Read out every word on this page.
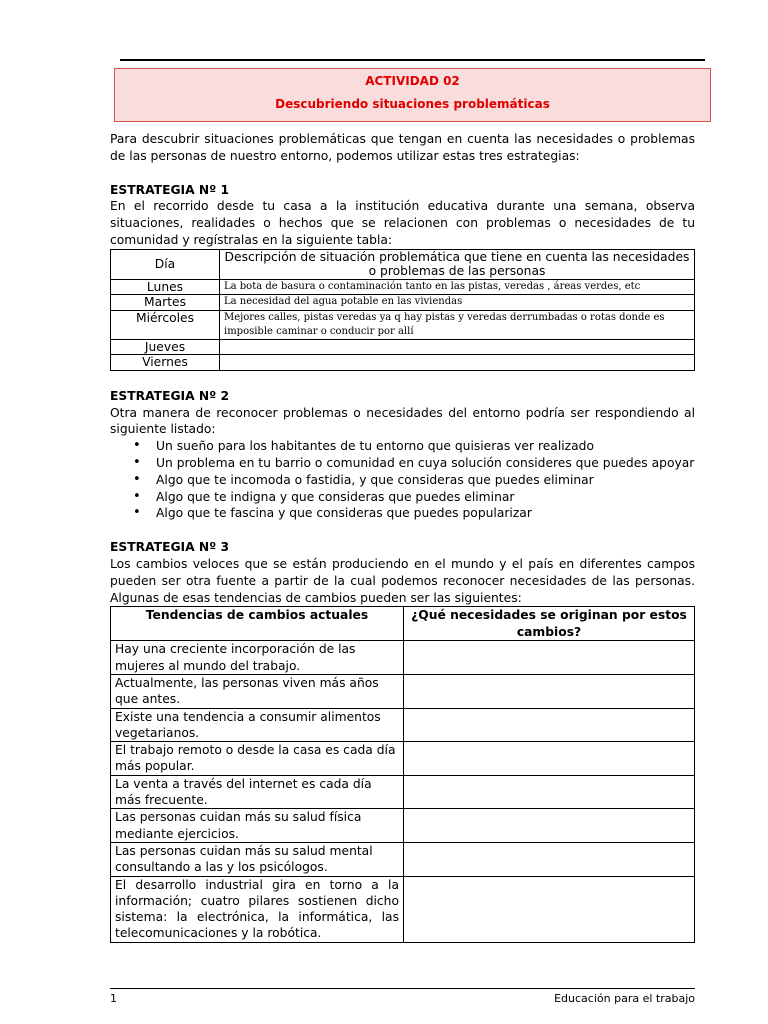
ACTIVIDAD 02
Descubriendo situaciones problemáticas

Para descubrir situaciones problemáticas que tengan en cuenta las necesidades o problemas de las personas de nuestro entorno, podemos utilizar estas tres estrategias:

ESTRATEGIA Nº 1

En el recorrido desde tu casa a la institución educativa durante una semana, observa situaciones, realidades o hechos que se relacionen con problemas o necesidades de tu comunidad y regístralas en la siguiente tabla:

Día	Descripción de situación problemática que tiene en cuenta las necesidades o problemas de las personas
Lunes	La bota de basura o contaminación tanto en las pistas, veredas , áreas verdes, etc
Martes	La necesidad del agua potable en las viviendas
Miércoles	Mejores calles, pistas veredas ya q hay pistas y veredas derrumbadas o rotas donde es imposible caminar o conducir por allí
Jueves	
Viernes	

ESTRATEGIA Nº 2

Otra manera de reconocer problemas o necesidades del entorno podría ser respondiendo al siguiente listado:

• Un sueño para los habitantes de tu entorno que quisieras ver realizado
• Un problema en tu barrio o comunidad en cuya solución consideres que puedes apoyar
• Algo que te incomoda o fastidia, y que consideras que puedes eliminar
• Algo que te indigna y que consideras que puedes eliminar
• Algo que te fascina y que consideras que puedes popularizar

ESTRATEGIA Nº 3

Los cambios veloces que se están produciendo en el mundo y el país en diferentes campos pueden ser otra fuente a partir de la cual podemos reconocer necesidades de las personas. Algunas de esas tendencias de cambios pueden ser las siguientes:

Tendencias de cambios actuales	¿Qué necesidades se originan por estos cambios?
Hay una creciente incorporación de las mujeres al mundo del trabajo.	
Actualmente, las personas viven más años que antes.	
Existe una tendencia a consumir alimentos vegetarianos.	
El trabajo remoto o desde la casa es cada día más popular.	
La venta a través del internet es cada día más frecuente.	
Las personas cuidan más su salud física mediante ejercicios.	
Las personas cuidan más su salud mental consultando a las y los psicólogos.	
El desarrollo industrial gira en torno a la información; cuatro pilares sostienen dicho sistema: la electrónica, la informática, las telecomunicaciones y la robótica.	
1	Educación para el trabajo
